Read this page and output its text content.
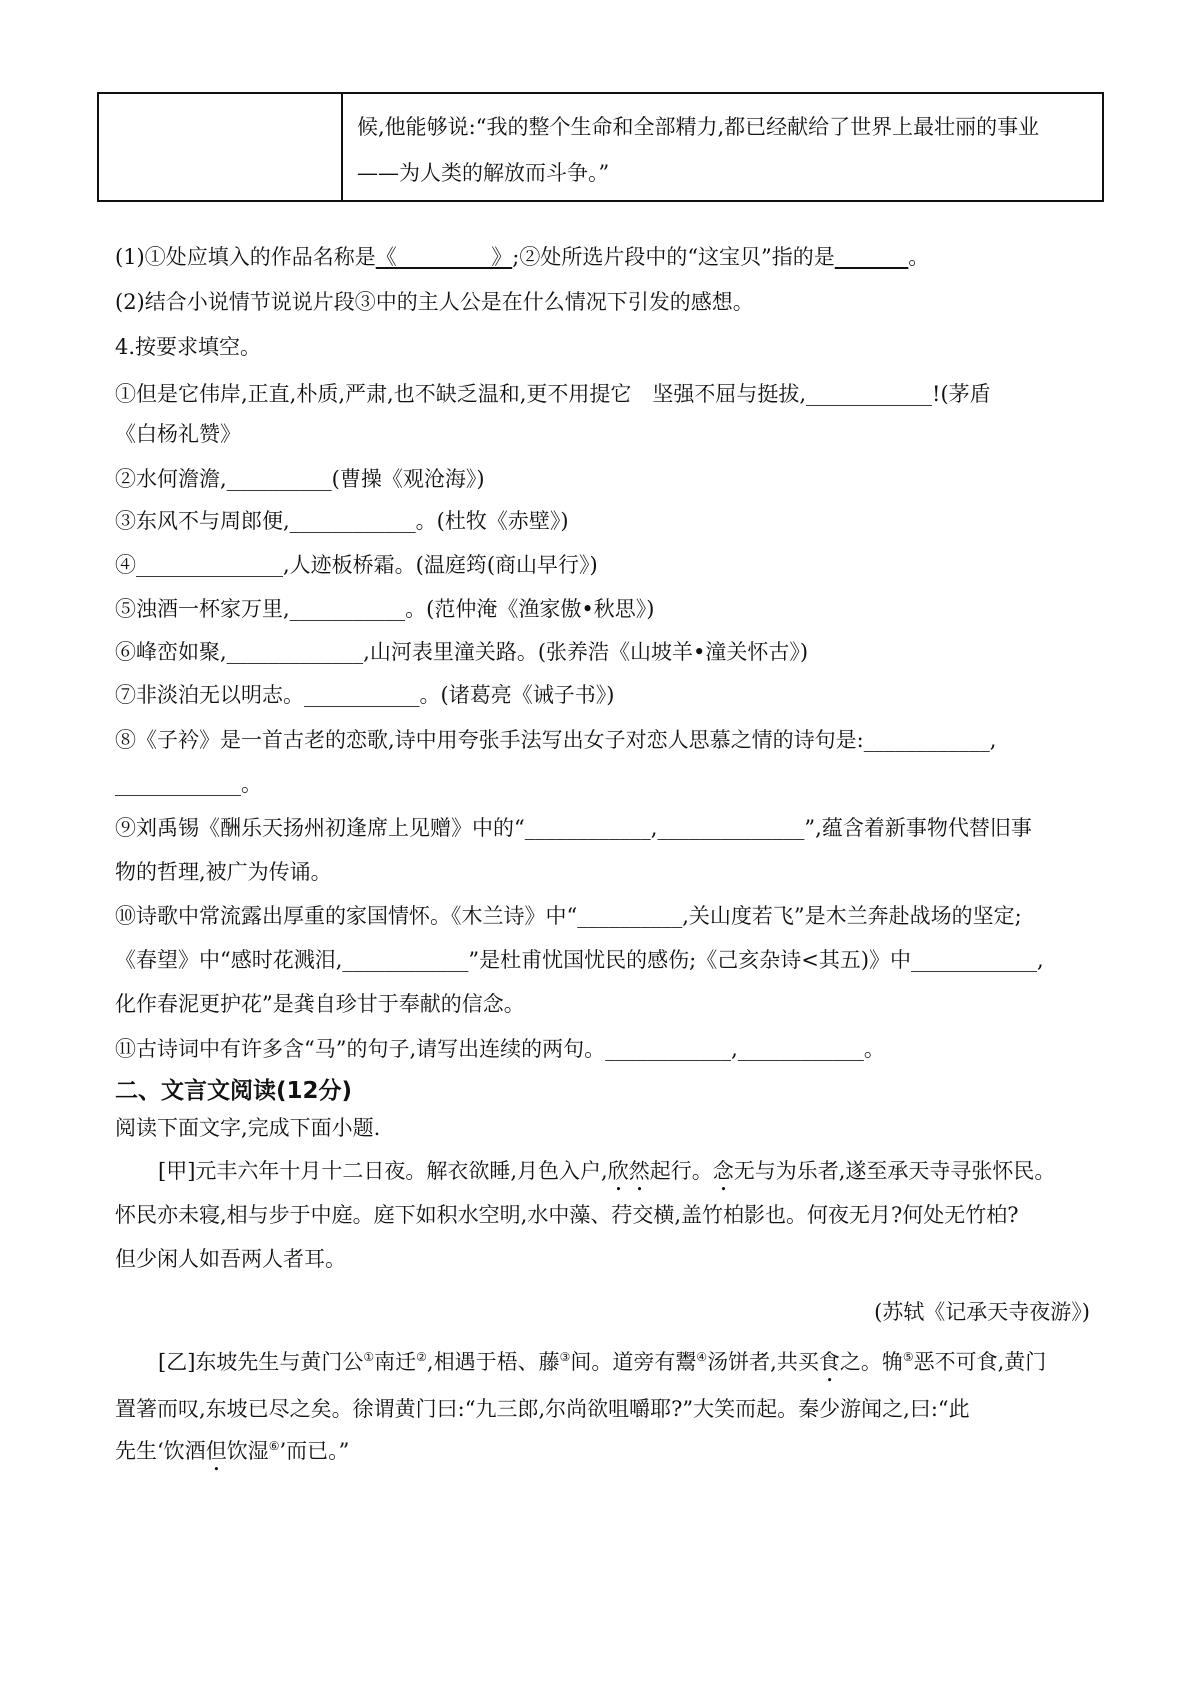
候,他能够说:“我的整个生命和全部精力,都已经献给了世界上最壮丽的事业
——为人类的解放而斗争。”
(1)①处应填入的作品名称是《_________》;②处所选片段中的“这宝贝”指的是_______。
(2)结合小说情节说说片段③中的主人公是在什么情况下引发的感想。
4.按要求填空。
①但是它伟岸,正直,朴质,严肃,也不缺乏温和,更不用提它　坚强不屈与挺拔,____________!(茅盾
《白杨礼赞》
②水何澹澹,__________(曹操《观沧海》)
③东风不与周郎便,____________。(杜牧《赤壁》)
④______________,人迹板桥霜。(温庭筠(商山早行》)
⑤浊酒一杯家万里,___________。(范仲淹《渔家傲•秋思》)
⑥峰峦如聚,_____________,山河表里潼关路。(张养浩《山坡羊•潼关怀古》)
⑦非淡泊无以明志。___________。(诸葛亮《诫子书》)
⑧《子衿》是一首古老的恋歌,诗中用夸张手法写出女子对恋人思慕之情的诗句是:____________,
____________。
⑨刘禹锡《酬乐天扬州初逢席上见赠》中的“____________,______________”,蕴含着新事物代替旧事
物的哲理,被广为传诵。
⑩诗歌中常流露出厚重的家国情怀。《木兰诗》中“__________,关山度若飞”是木兰奔赴战场的坚定;
《春望》中“感时花溅泪,____________”是杜甫忧国忧民的感伤;《己亥杂诗<其五)》中____________,
化作春泥更护花”是龚自珍甘于奉献的信念。
⑪古诗词中有许多含“马”的句子,请写出连续的两句。____________,____________。
二、文言文阅读(12分)
阅读下面文字,完成下面小题.
[甲]元丰六年十月十二日夜。解衣欲睡,月色入户,欣然起行。念无与为乐者,遂至承天寺寻张怀民。
怀民亦未寝,相与步于中庭。庭下如积水空明,水中藻、荇交横,盖竹柏影也。何夜无月?何处无竹柏?
但少闲人如吾两人者耳。
(苏轼《记承天寺夜游》)
[乙]东坡先生与黄门公①南迁②,相遇于梧、藤③间。道旁有鬻④汤饼者,共买食之。觕⑤恶不可食,黄门
置箸而叹,东坡已尽之矣。徐谓黄门曰:“九三郎,尔尚欲咀嚼耶?”大笑而起。秦少游闻之,曰:“此
先生‘饮酒但饮湿⑥’而已。”
